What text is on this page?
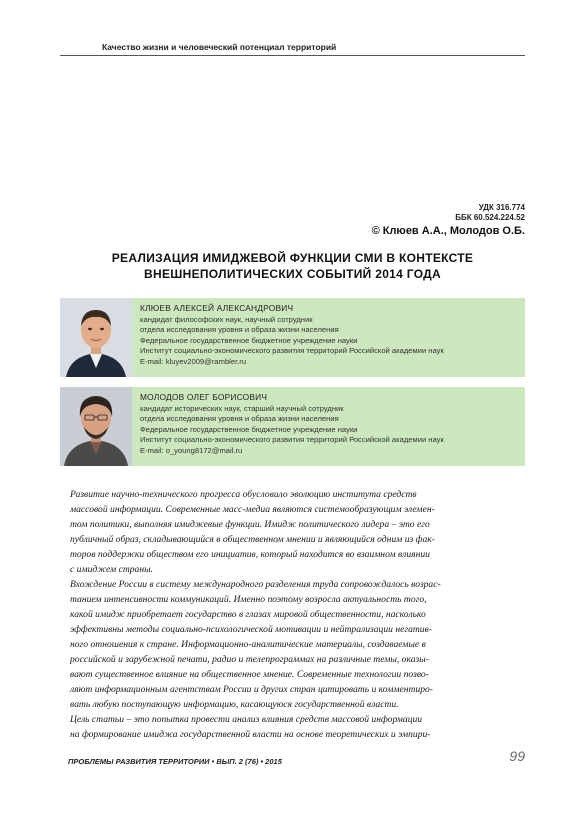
Качество жизни и человеческий потенциал территорий
УДК 316.774
ББК 60.524.224.52
© Клюев А.А., Молодов О.Б.
РЕАЛИЗАЦИЯ ИМИДЖЕВОЙ ФУНКЦИИ СМИ В КОНТЕКСТЕ
ВНЕШНЕПОЛИТИЧЕСКИХ СОБЫТИЙ 2014 ГОДА
КЛЮЕВ АЛЕКСЕЙ АЛЕКСАНДРОВИЧ
кандидат философских наук, научный сотрудник
отдела исследования уровня и образа жизни населения
Федеральное государственное бюджетное учреждение науки
Институт социально-экономического развития территорий Российской академии наук
E-mail: kluyev2009@rambler.ru
МОЛОДОВ ОЛЕГ БОРИСОВИЧ
кандидат исторических наук, старший научный сотрудник
отдела исследования уровня и образа жизни населения
Федеральное государственное бюджетное учреждение науки
Институт социально-экономического развития территорий Российской академии наук
E-mail: o_young8172@mail.ru

Развитие научно-технического прогресса обусловило эволюцию института средств

массовой информации. Современные масс-медиа являются системообразующим элемен-

том политики, выполняя имиджевые функции. Имидж политического лидера – это его

публичный образ, складывающийся в общественном мнении и являющийся одним из фак-

торов поддержки обществом его инициатив, который находится во взаимном влиянии

с имиджем страны.

Вхождение России в систему международного разделения труда сопровождалось возрас-

танием интенсивности коммуникаций. Именно поэтому возросла актуальность того,

какой имидж приобретает государство в глазах мировой общественности, насколько

эффективны методы социально-психологической мотивации и нейтрализации негатив-

ного отношения к стране. Информационно-аналитические материалы, создаваемые в

российской и зарубежной печати, радио и телепрограммах на различные темы, оказы-

вают существенное влияние на общественное мнение. Современные технологии позво-

ляют информационным агентствам России и других стран цитировать и комментиро-

вать любую поступающую информацию, касающуюся государственной власти.

Цель статьи – это попытка провести анализ влияния средств массовой информации

на формирование имиджа государственной власти на основе теоретических и эмпири-

ПРОБЛЕМЫ РАЗВИТИЯ ТЕРРИТОРИИ • ВЫП. 2 (76) • 2015	99
